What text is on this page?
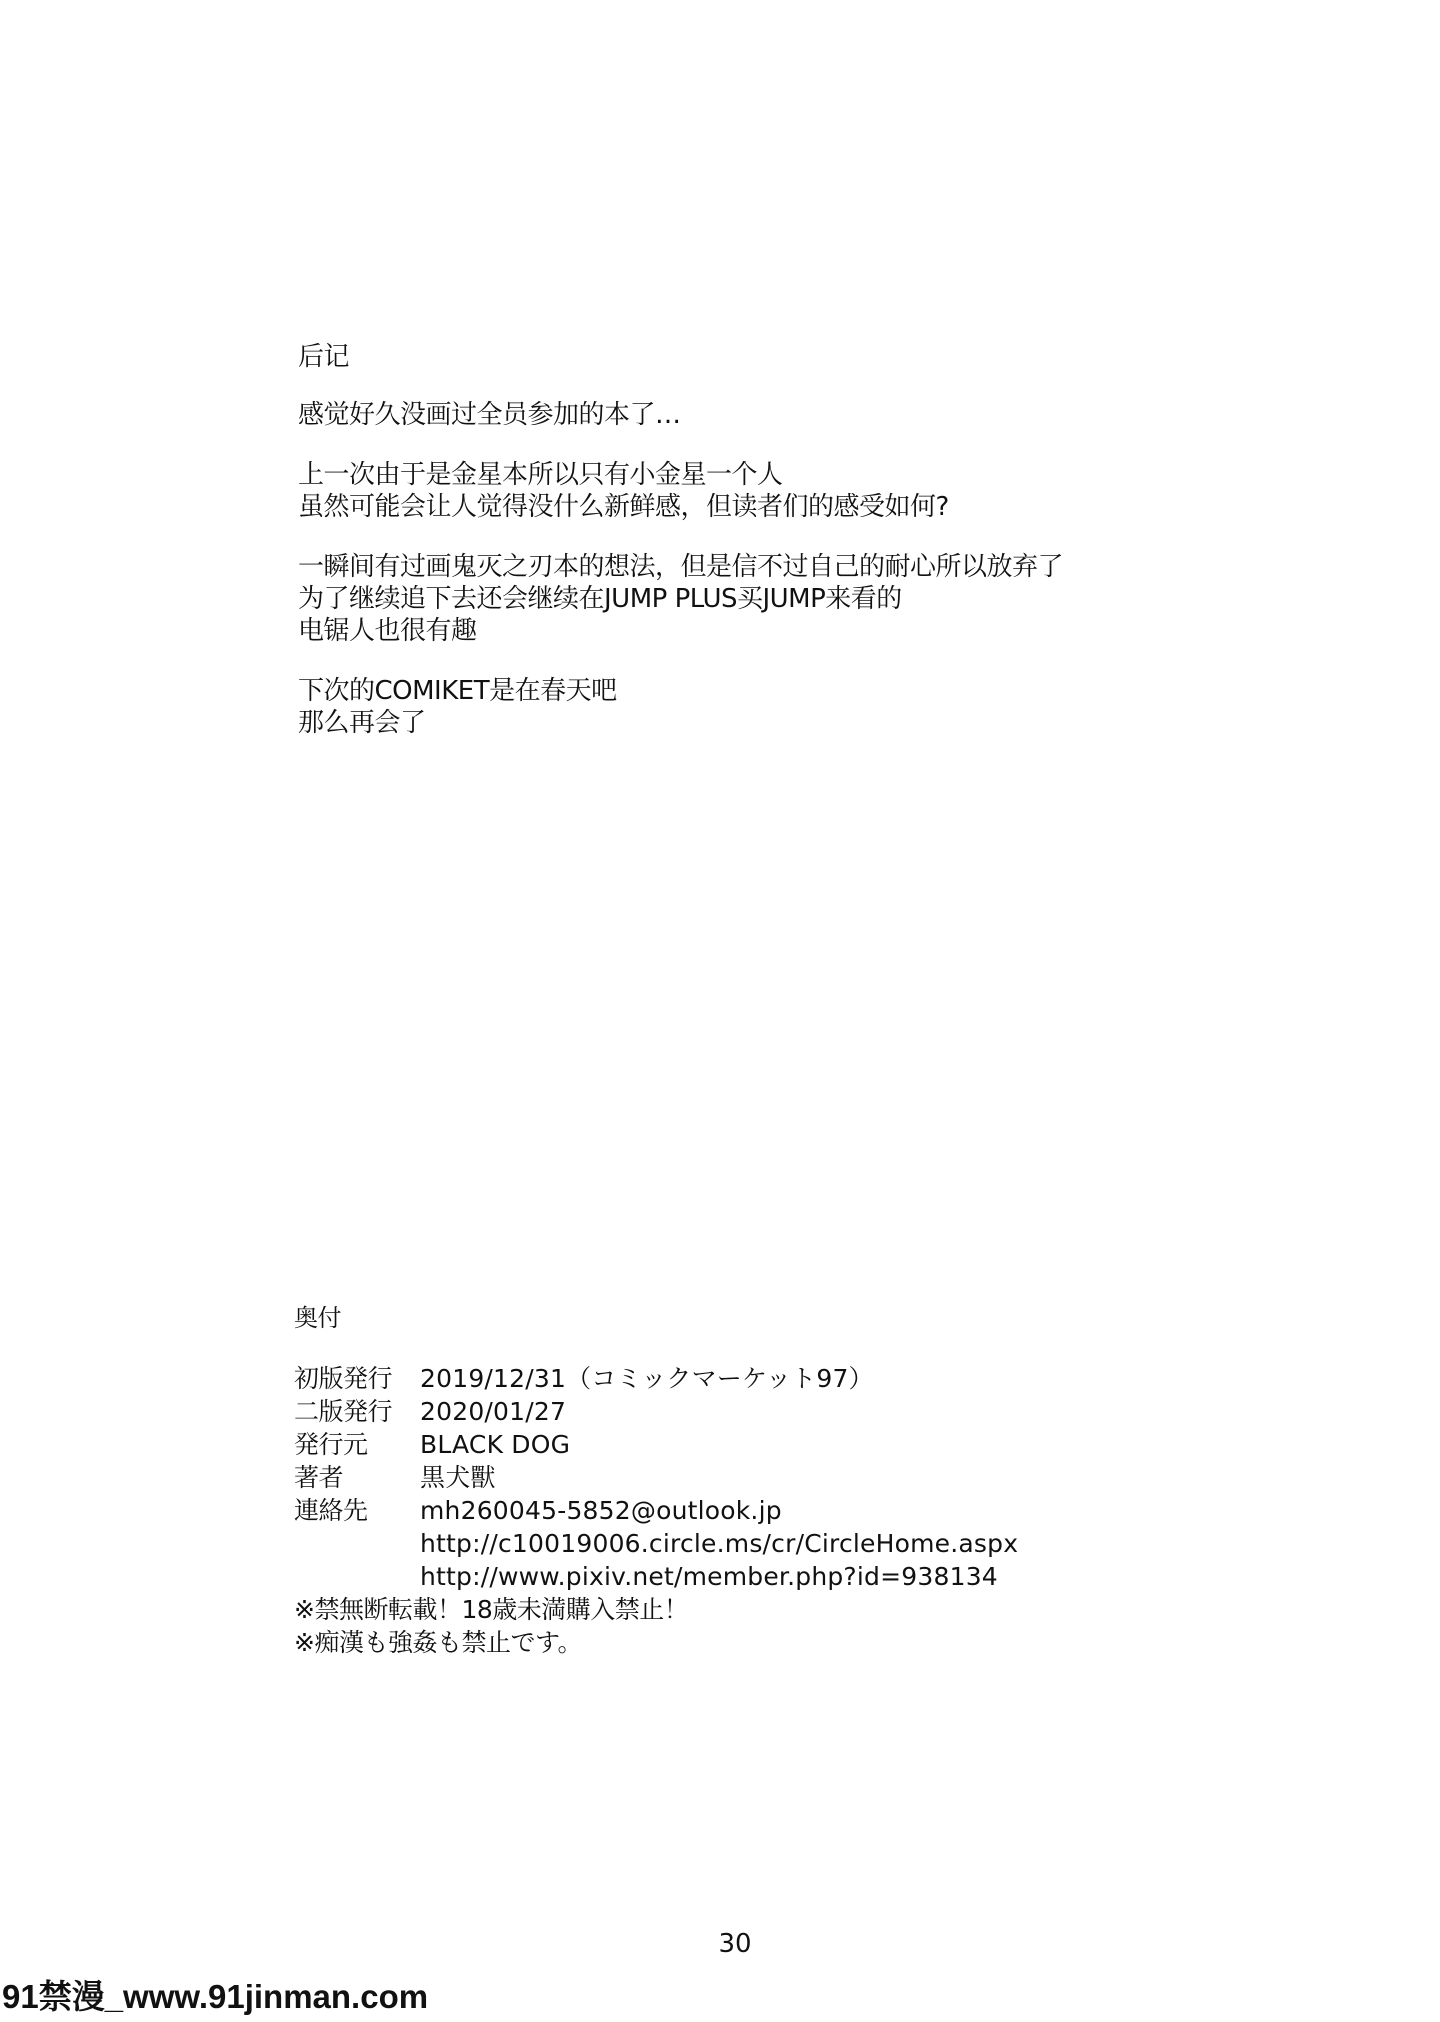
后记
感觉好久没画过全员参加的本了…
上一次由于是金星本所以只有小金星一个人
虽然可能会让人觉得没什么新鲜感，但读者们的感受如何?
一瞬间有过画鬼灭之刃本的想法，但是信不过自己的耐心所以放弃了
为了继续追下去还会继续在JUMP PLUS买JUMP来看的
电锯人也很有趣
下次的COMIKET是在春天吧
那么再会了
奥付
初版発行	2019/12/31（コミックマーケット97）
二版発行	2020/01/27
発行元	BLACK DOG
著者	黒犬獸
連絡先	mh260045-5852@outlook.jp
http://c10019006.circle.ms/cr/CircleHome.aspx
http://www.pixiv.net/member.php?id=938134
※禁無断転載！18歳未満購入禁止！
※痴漢も強姦も禁止です。
30
91禁漫_www.91jinman.com
